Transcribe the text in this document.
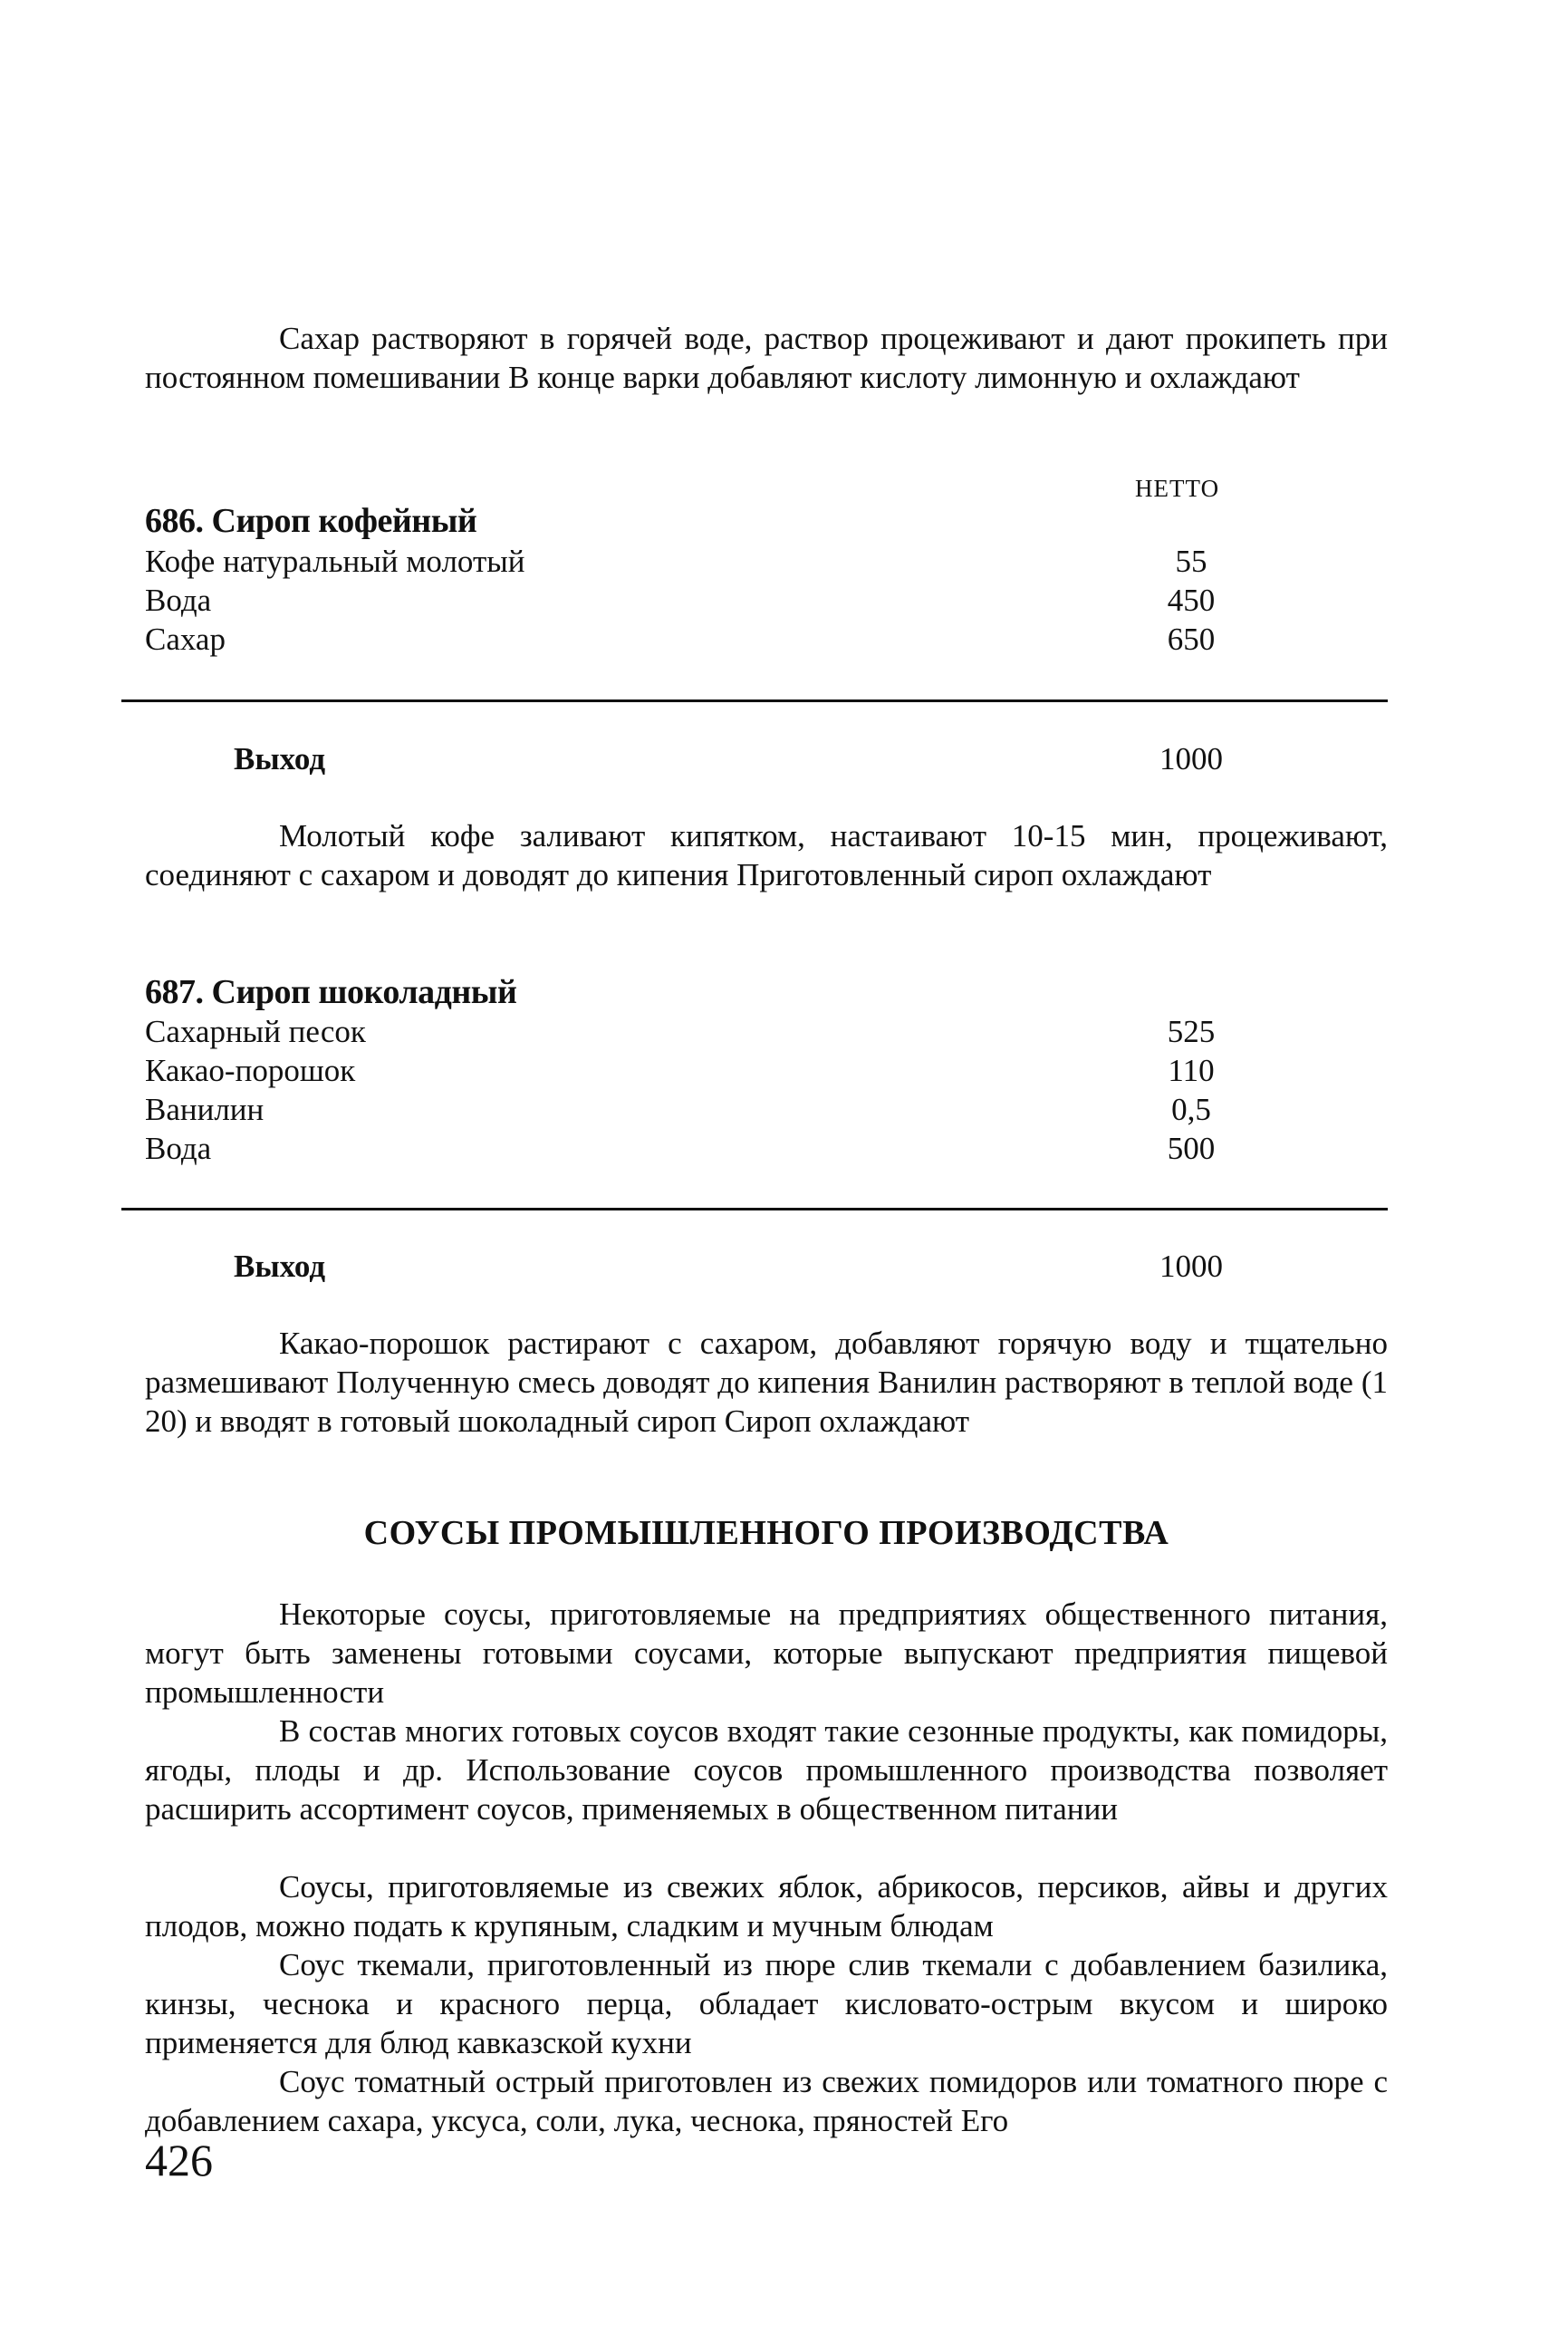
Сахар растворяют в горячей воде, раствор процеживают и дают прокипеть при постоянном помешивании В конце варки добавляют кислоту лимонную и охлаждают

НЕТТО
686. Сироп кофейный
Кофе натуральный молотый	55
Вода	450
Сахар	650
Выход	1000

Молотый кофе заливают кипятком, настаивают 10-15 мин, процеживают, соединяют с сахаром и доводят до кипения Приготовленный сироп охлаждают

687. Сироп шоколадный
Сахарный песок	525
Какао-порошок	110
Ванилин	0,5
Вода	500
Выход	1000

Какао-порошок растирают с сахаром, добавляют горячую воду и тщательно размешивают Полученную смесь доводят до кипения Ванилин растворяют в теплой воде (1 20) и вводят в готовый шоколадный сироп Сироп охлаждают

СОУСЫ ПРОМЫШЛЕННОГО ПРОИЗВОДСТВА

Некоторые соусы, приготовляемые на предприятиях общественного питания, могут быть заменены готовыми соусами, которые выпускают предприятия пищевой промышленности

В состав многих готовых соусов входят такие сезонные продукты, как помидоры, ягоды, плоды и др. Использование соусов промышленного производства позволяет расширить ассортимент соусов, применяемых в общественном питании

Соусы, приготовляемые из свежих яблок, абрикосов, персиков, айвы и других плодов, можно подать к крупяным, сладким и мучным блюдам

Соус ткемали, приготовленный из пюре слив ткемали с добавлением базилика, кинзы, чеснока и красного перца, обладает кисловато-острым вкусом и широко применяется для блюд кавказской кухни

Соус томатный острый приготовлен из свежих помидоров или томатного пюре с добавлением сахара, уксуса, соли, лука, чеснока, пряностей Его

426
